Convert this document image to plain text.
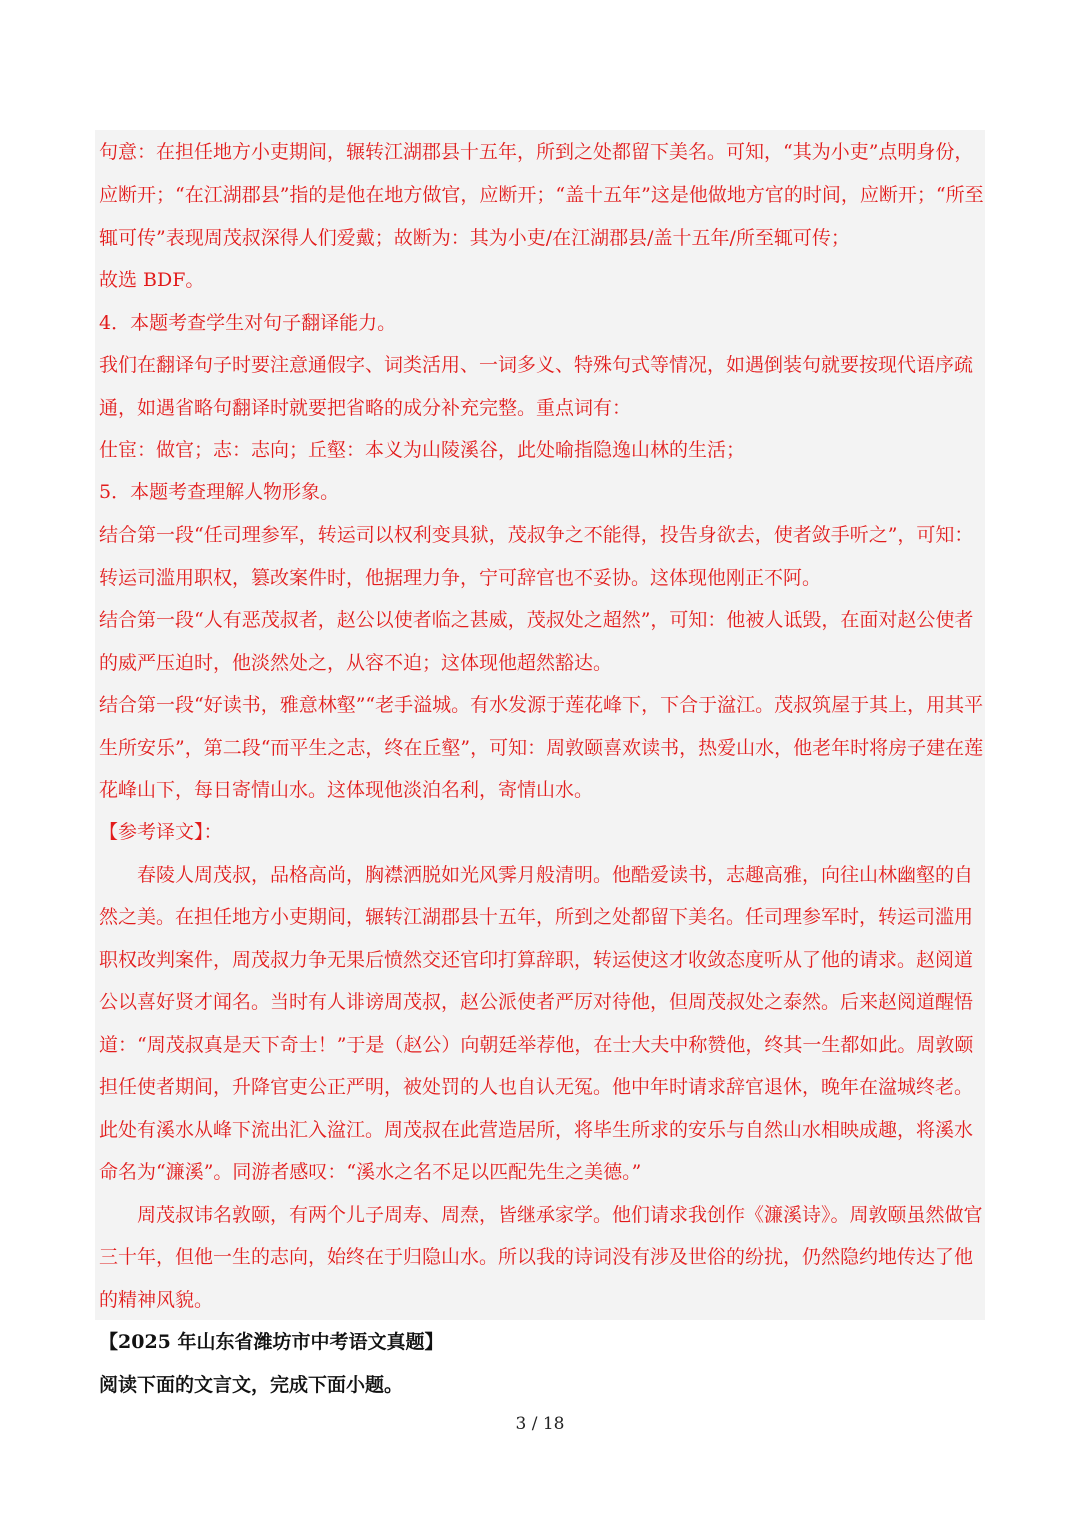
句意：在担任地方小吏期间，辗转江湖郡县十五年，所到之处都留下美名。可知，“其为小吏”点明身份，
应断开；“在江湖郡县”指的是他在地方做官，应断开；“盖十五年”这是他做地方官的时间，应断开；“所至
辄可传”表现周茂叔深得人们爱戴；故断为：其为小吏/在江湖郡县/盖十五年/所至辄可传；
故选 BDF。
4．本题考查学生对句子翻译能力。
我们在翻译句子时要注意通假字、词类活用、一词多义、特殊句式等情况，如遇倒装句就要按现代语序疏
通，如遇省略句翻译时就要把省略的成分补充完整。重点词有：
仕宦：做官；志：志向；丘壑：本义为山陵溪谷，此处喻指隐逸山林的生活；
5．本题考查理解人物形象。
结合第一段“任司理参军，转运司以权利变具狱，茂叔争之不能得，投告身欲去，使者敛手听之”，可知：
转运司滥用职权，篡改案件时，他据理力争，宁可辞官也不妥协。这体现他刚正不阿。
结合第一段“人有恶茂叔者，赵公以使者临之甚威，茂叔处之超然”，可知：他被人诋毁，在面对赵公使者
的威严压迫时，他淡然处之，从容不迫；这体现他超然豁达。
结合第一段“好读书，雅意林壑”“老手溢城。有水发源于莲花峰下，下合于湓江。茂叔筑屋于其上，用其平
生所安乐”，第二段“而平生之志，终在丘壑”，可知：周敦颐喜欢读书，热爱山水，他老年时将房子建在莲
花峰山下，每日寄情山水。这体现他淡泊名利，寄情山水。
【参考译文】：
春陵人周茂叔，品格高尚，胸襟洒脱如光风霁月般清明。他酷爱读书，志趣高雅，向往山林幽壑的自
然之美。在担任地方小吏期间，辗转江湖郡县十五年，所到之处都留下美名。任司理参军时，转运司滥用
职权改判案件，周茂叔力争无果后愤然交还官印打算辞职，转运使这才收敛态度听从了他的请求。赵阅道
公以喜好贤才闻名。当时有人诽谤周茂叔，赵公派使者严厉对待他，但周茂叔处之泰然。后来赵阅道醒悟
道：“周茂叔真是天下奇士！”于是（赵公）向朝廷举荐他，在士大夫中称赞他，终其一生都如此。周敦颐
担任使者期间，升降官吏公正严明，被处罚的人也自认无冤。他中年时请求辞官退休，晚年在湓城终老。
此处有溪水从峰下流出汇入湓江。周茂叔在此营造居所，将毕生所求的安乐与自然山水相映成趣，将溪水
命名为“濂溪”。同游者感叹：“溪水之名不足以匹配先生之美德。”
周茂叔讳名敦颐，有两个儿子周寿、周焘，皆继承家学。他们请求我创作《濂溪诗》。周敦颐虽然做官
三十年，但他一生的志向，始终在于归隐山水。所以我的诗词没有涉及世俗的纷扰，仍然隐约地传达了他
的精神风貌。
【2025 年山东省潍坊市中考语文真题】
阅读下面的文言文，完成下面小题。
3 / 18
